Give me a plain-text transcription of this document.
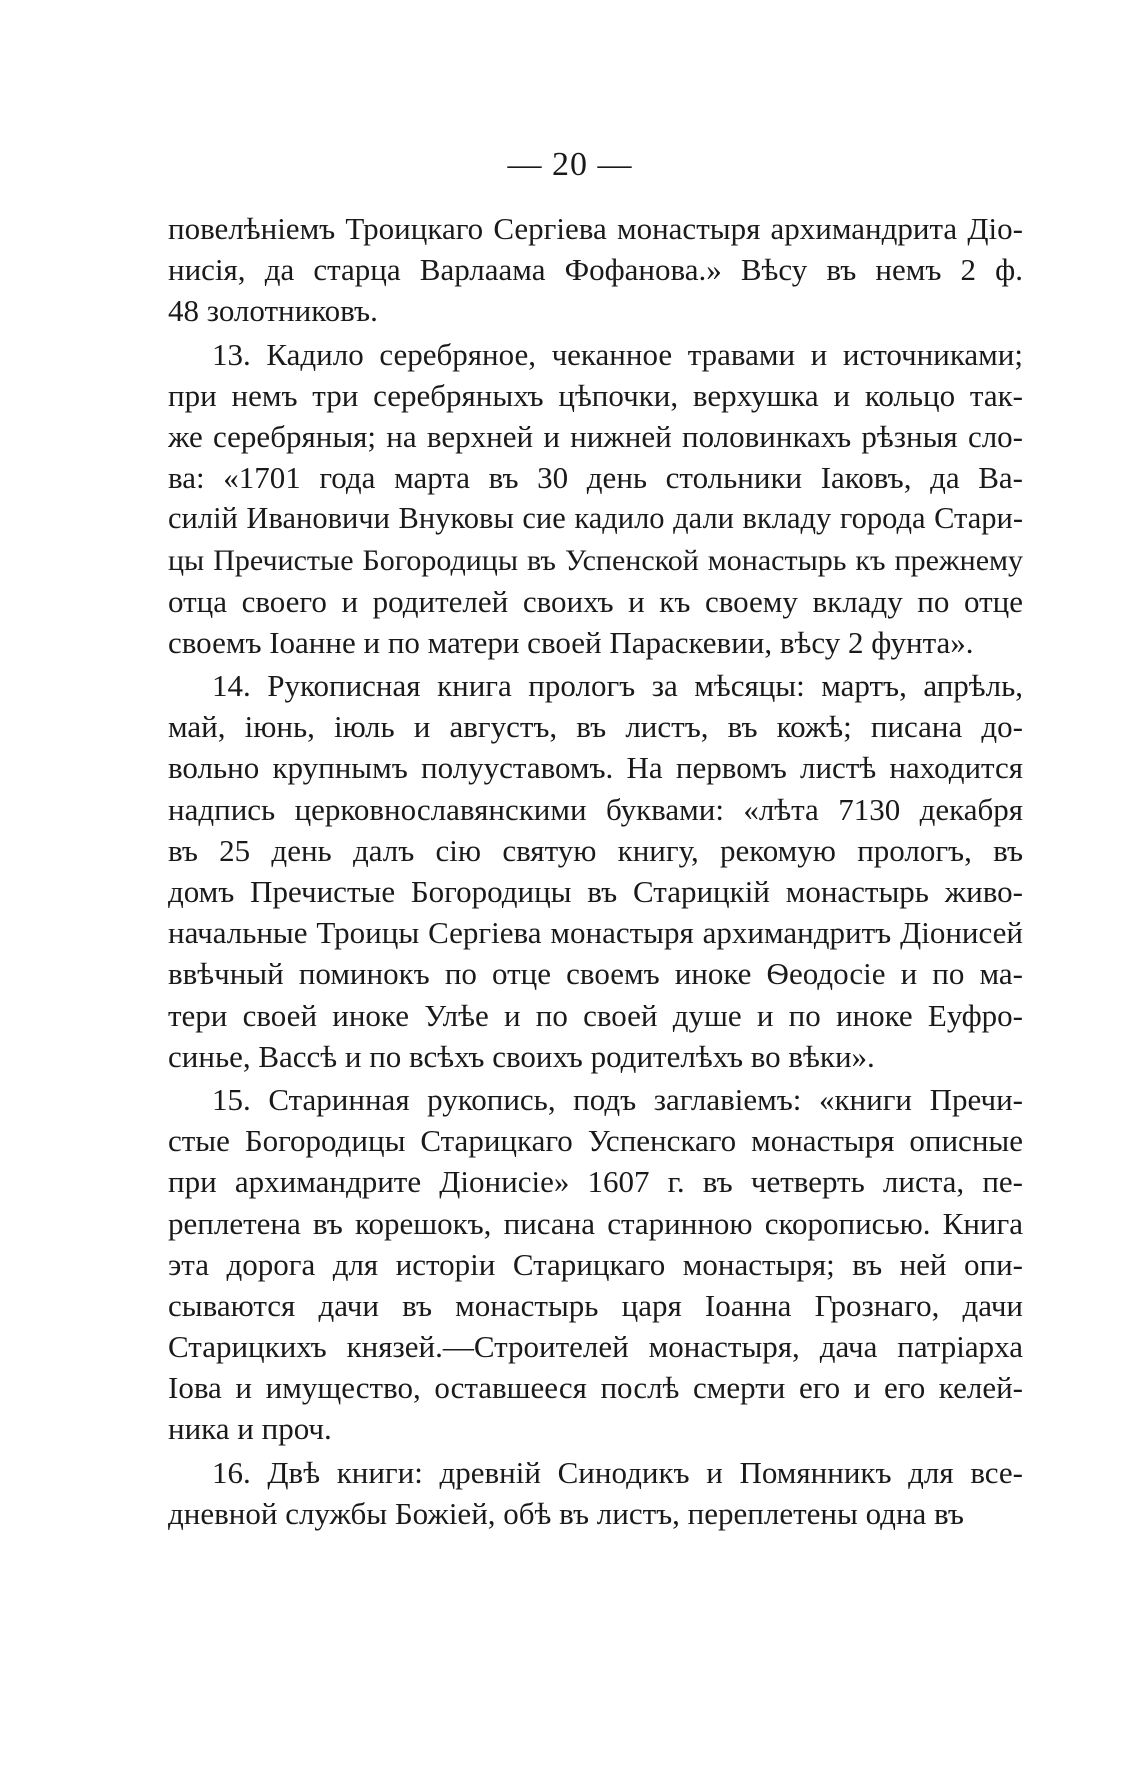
— 20 —
повелѣніемъ Троицкаго Сергіева монастыря архимандрита Діо-
нисія, да старца Варлаама Фофанова.» Вѣсу въ немъ 2 ф.
48 золотниковъ.
13. Кадило серебряное, чеканное травами и источниками;
при немъ три серебряныхъ цѣпочки, верхушка и кольцо так-
же серебряныя; на верхней и нижней половинкахъ рѣзныя сло-
ва: «1701 года марта въ 30 день стольники Іаковъ, да Ва-
силій Ивановичи Внуковы сие кадило дали вкладу города Стари-
цы Пречистые Богородицы въ Успенской монастырь къ прежнему
отца своего и родителей своихъ и къ своему вкладу по отце
своемъ Іоанне и по матери своей Параскевии, вѣсу 2 фунта».
14. Рукописная книга прологъ за мѣсяцы: мартъ, апрѣль,
май, іюнь, іюль и августъ, въ листъ, въ кожѣ; писана до-
вольно крупнымъ полууставомъ. На первомъ листѣ находится
надпись церковнославянскими буквами: «лѣта 7130 декабря
въ 25 день далъ сію святую книгу, рекомую прологъ, въ
домъ Пречистые Богородицы въ Старицкій монастырь живо-
начальные Троицы Сергіева монастыря архимандритъ Діонисей
ввѣчный поминокъ по отце своемъ иноке Ѳеодосіе и по ма-
тери своей иноке Улѣе и по своей душе и по иноке Еуфро-
синье, Вассѣ и по всѣхъ своихъ родителѣхъ во вѣки».
15. Старинная рукопись, подъ заглавіемъ: «книги Пречи-
стые Богородицы Старицкаго Успенскаго монастыря описные
при архимандрите Діонисіе» 1607 г. въ четверть листа, пе-
реплетена въ корешокъ, писана старинною скорописью. Книга
эта дорога для исторіи Старицкаго монастыря; въ ней опи-
сываются дачи въ монастырь царя Іоанна Грознаго, дачи
Старицкихъ князей.—Строителей монастыря, дача патріарха
Іова и имущество, оставшееся послѣ смерти его и его келей-
ника и проч.
16. Двѣ книги: древній Синодикъ и Помянникъ для все-
дневной службы Божіей, обѣ въ листъ, переплетены одна въ
